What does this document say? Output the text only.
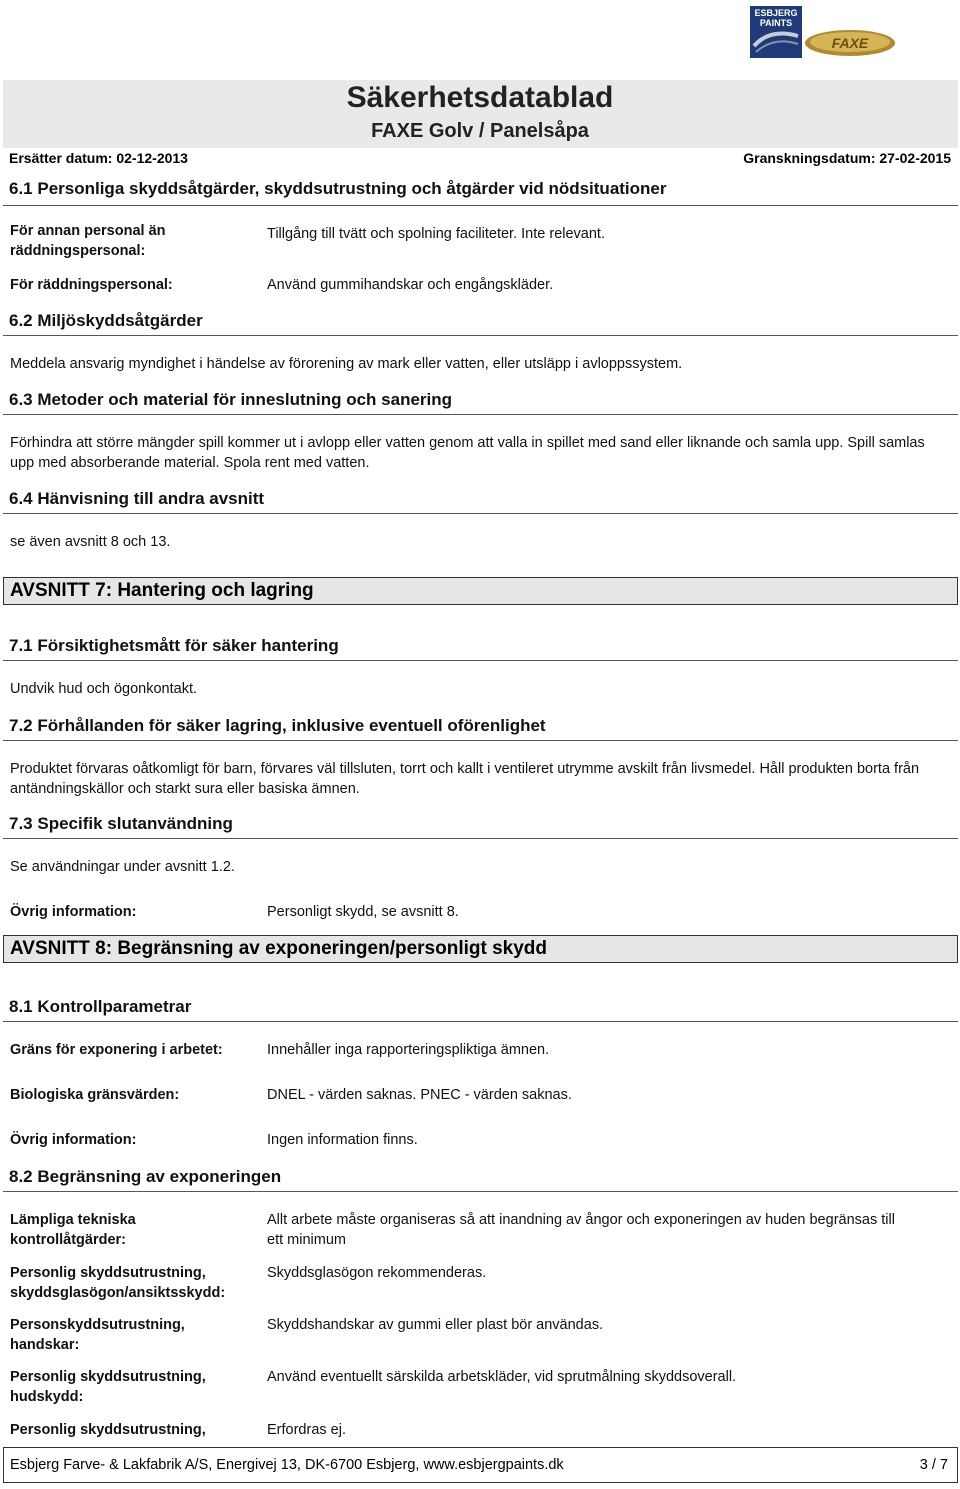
ESBJERG
PAINTS
FAXE
Säkerhetsdatablad
FAXE Golv / Panelsåpa
Ersätter datum: 02-12-2013	Granskningsdatum: 27-02-2015
6.1 Personliga skyddsåtgärder, skyddsutrustning och åtgärder vid nödsituationer
För annan personal än räddningspersonal:
Tillgång till tvätt och spolning faciliteter. Inte relevant.
För räddningspersonal:	Använd gummihandskar och engångskläder.
6.2 Miljöskyddsåtgärder
Meddela ansvarig myndighet i händelse av förorening av mark eller vatten, eller utsläpp i avloppssystem.
6.3 Metoder och material för inneslutning och sanering
Förhindra att större mängder spill kommer ut i avlopp eller vatten genom att valla in spillet med sand eller liknande och samla upp. Spill samlas upp med absorberande material. Spola rent med vatten.
6.4 Hänvisning till andra avsnitt
se även avsnitt 8 och 13.
AVSNITT 7: Hantering och lagring
7.1 Försiktighetsmått för säker hantering
Undvik hud och ögonkontakt.
7.2 Förhållanden för säker lagring, inklusive eventuell oförenlighet
Produktet förvaras oåtkomligt för barn, förvares väl tillsluten, torrt och kallt i ventileret utrymme avskilt från livsmedel. Håll produkten borta från antändningskällor och starkt sura eller basiska ämnen.
7.3 Specifik slutanvändning
Se användningar under avsnitt 1.2.
Övrig information:	Personligt skydd, se avsnitt 8.
AVSNITT 8: Begränsning av exponeringen/personligt skydd
8.1 Kontrollparametrar
Gräns för exponering i arbetet:	Innehåller inga rapporteringspliktiga ämnen.
Biologiska gränsvärden:	DNEL - värden saknas. PNEC - värden saknas.
Övrig information:	Ingen information finns.
8.2 Begränsning av exponeringen
Lämpliga tekniska kontrollåtgärder:
Allt arbete måste organiseras så att inandning av ångor och exponeringen av huden begränsas till ett minimum
Personlig skyddsutrustning, skyddsglasögon/ansiktsskydd:
Skyddsglasögon rekommenderas.
Personskyddsutrustning, handskar:
Skyddshandskar av gummi eller plast bör användas.
Personlig skyddsutrustning, hudskydd:
Använd eventuellt särskilda arbetskläder, vid sprutmålning skyddsoverall.
Personlig skyddsutrustning,	Erfordras ej.
Esbjerg Farve- & Lakfabrik A/S, Energivej 13, DK-6700 Esbjerg, www.esbjergpaints.dk	3 / 7
